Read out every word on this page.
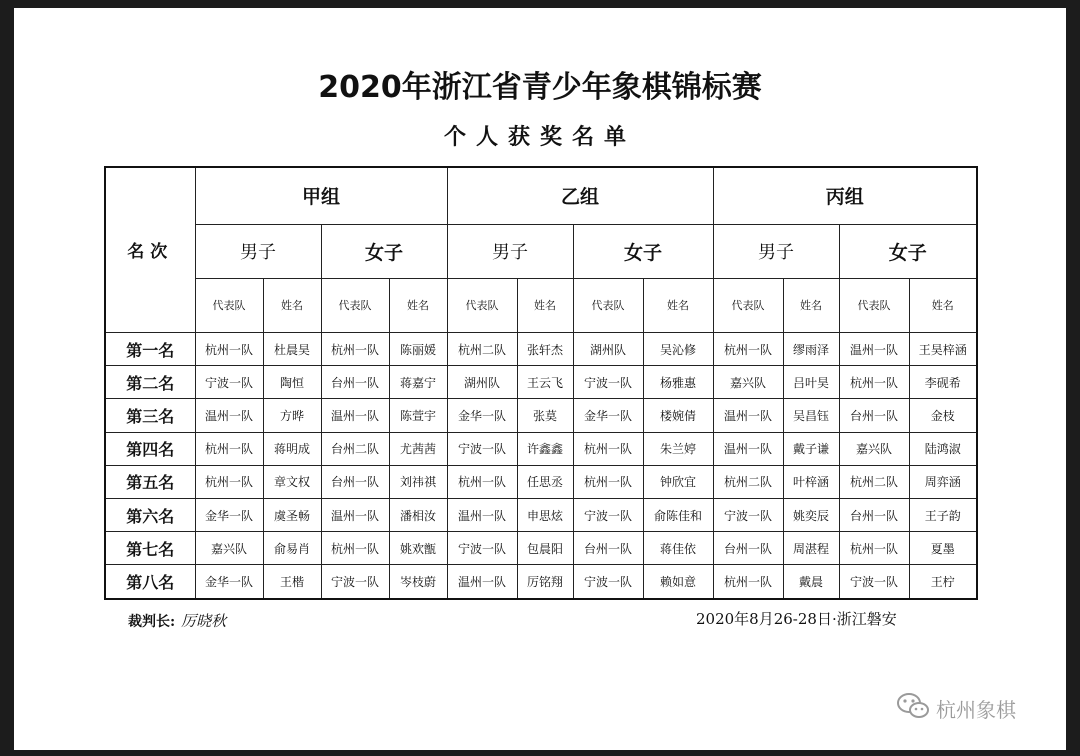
2020年浙江省青少年象棋锦标赛
个人获奖名单
名次	甲组				乙组				丙组			
	男子		女子		男子		女子		男子		女子	
	代表队	姓名	代表队	姓名	代表队	姓名	代表队	姓名	代表队	姓名	代表队	姓名
第一名	杭州一队	杜晨昊	杭州一队	陈丽媛	杭州二队	张轩杰	湖州队	吴沁修	杭州一队	缪雨泽	温州一队	王昊梓涵
第二名	宁波一队	陶恒	台州一队	蒋嘉宁	湖州队	王云飞	宁波一队	杨雅惠	嘉兴队	吕叶昊	杭州一队	李砚希
第三名	温州一队	方晔	温州一队	陈萱宇	金华一队	张莫	金华一队	楼婉倩	温州一队	吴昌钰	台州一队	金枝
第四名	杭州一队	蒋明成	台州二队	尤茜茜	宁波一队	许鑫鑫	杭州一队	朱兰婷	温州一队	戴子谦	嘉兴队	陆鸿淑
第五名	杭州一队	章文权	台州一队	刘祎祺	杭州一队	任思丞	杭州一队	钟欣宜	杭州二队	叶梓涵	杭州二队	周弈涵
第六名	金华一队	虞圣畅	温州一队	潘相汝	温州一队	申思炫	宁波一队	俞陈佳和	宁波一队	姚奕辰	台州一队	王子韵
第七名	嘉兴队	俞易肖	杭州一队	姚欢甑	宁波一队	包晨阳	台州一队	蒋佳依	台州一队	周湛程	杭州一队	夏墨
第八名	金华一队	王楷	宁波一队	岑枝蔚	温州一队	厉铭翔	宁波一队	赖如意	杭州一队	戴晨	宁波一队	王柠
裁判长: 厉晓秋	2020年8月26-28日·浙江磐安
杭州象棋
